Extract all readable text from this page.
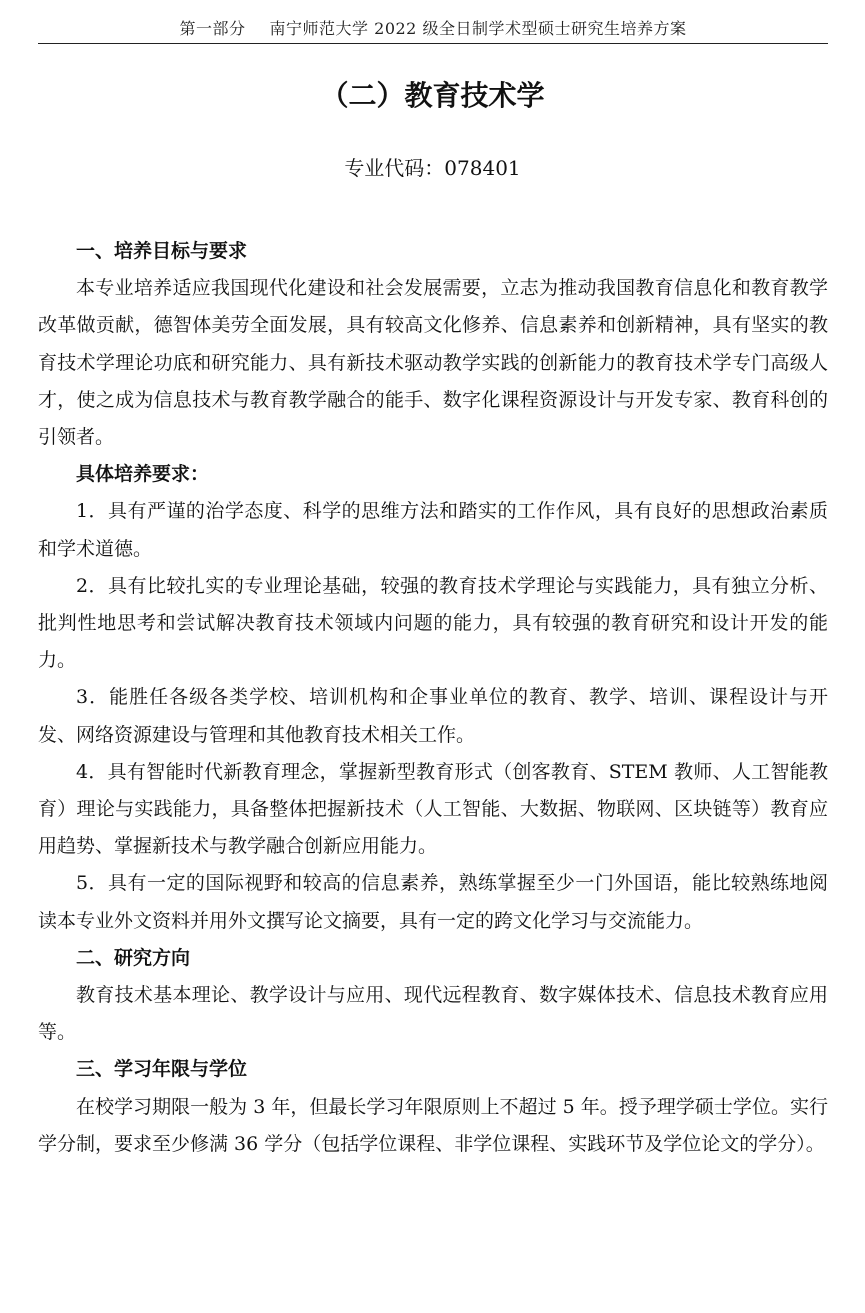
第一部分 南宁师范大学 2022 级全日制学术型硕士研究生培养方案
（二）教育技术学
专业代码：078401
一、培养目标与要求

本专业培养适应我国现代化建设和社会发展需要，立志为推动我国教育信息化和教育教学改革做贡献，德智体美劳全面发展，具有较高文化修养、信息素养和创新精神，具有坚实的教育技术学理论功底和研究能力、具有新技术驱动教学实践的创新能力的教育技术学专门高级人才，使之成为信息技术与教育教学融合的能手、数字化课程资源设计与开发专家、教育科创的引领者。

具体培养要求：

1．具有严谨的治学态度、科学的思维方法和踏实的工作作风，具有良好的思想政治素质和学术道德。

2．具有比较扎实的专业理论基础，较强的教育技术学理论与实践能力，具有独立分析、批判性地思考和尝试解决教育技术领域内问题的能力，具有较强的教育研究和设计开发的能力。

3．能胜任各级各类学校、培训机构和企事业单位的教育、教学、培训、课程设计与开发、网络资源建设与管理和其他教育技术相关工作。

4．具有智能时代新教育理念，掌握新型教育形式（创客教育、STEM 教师、人工智能教育）理论与实践能力，具备整体把握新技术（人工智能、大数据、物联网、区块链等）教育应用趋势、掌握新技术与教学融合创新应用能力。

5．具有一定的国际视野和较高的信息素养，熟练掌握至少一门外国语，能比较熟练地阅读本专业外文资料并用外文撰写论文摘要，具有一定的跨文化学习与交流能力。

二、研究方向

教育技术基本理论、教学设计与应用、现代远程教育、数字媒体技术、信息技术教育应用等。

三、学习年限与学位

在校学习期限一般为 3 年，但最长学习年限原则上不超过 5 年。授予理学硕士学位。实行学分制，要求至少修满 36 学分（包括学位课程、非学位课程、实践环节及学位论文的学分）。
